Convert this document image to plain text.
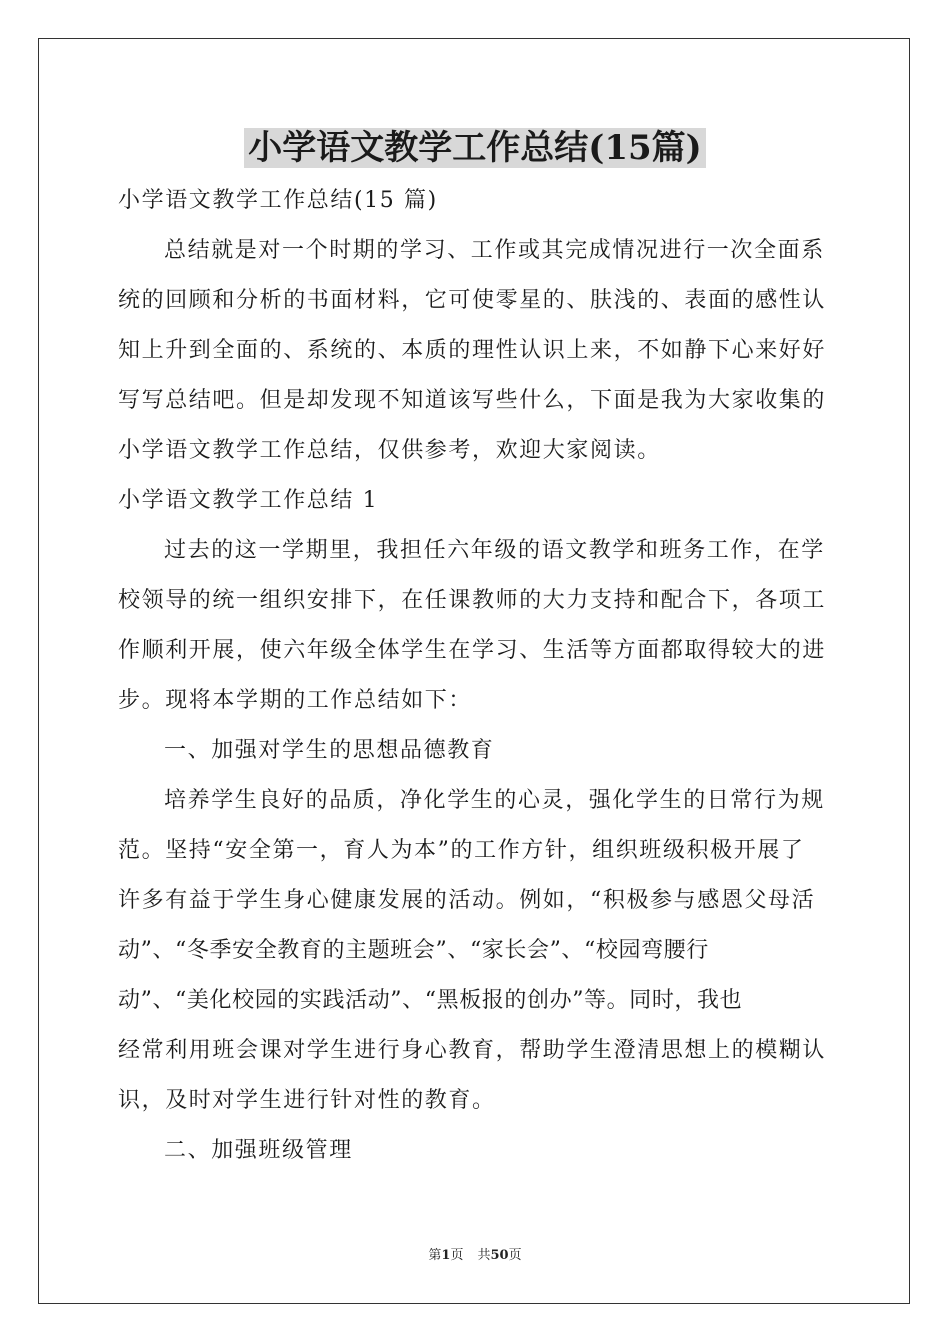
小学语文教学工作总结(15篇)

小学语文教学工作总结(15 篇)

总结就是对一个时期的学习、工作或其完成情况进行一次全面系

统的回顾和分析的书面材料，它可使零星的、肤浅的、表面的感性认

知上升到全面的、系统的、本质的理性认识上来，不如静下心来好好

写写总结吧。但是却发现不知道该写些什么，下面是我为大家收集的

小学语文教学工作总结，仅供参考，欢迎大家阅读。

小学语文教学工作总结 1

过去的这一学期里，我担任六年级的语文教学和班务工作，在学

校领导的统一组织安排下，在任课教师的大力支持和配合下，各项工

作顺利开展，使六年级全体学生在学习、生活等方面都取得较大的进

步。现将本学期的工作总结如下：

一、加强对学生的思想品德教育

培养学生良好的品质，净化学生的心灵，强化学生的日常行为规

范。坚持“安全第一，育人为本”的工作方针，组织班级积极开展了

许多有益于学生身心健康发展的活动。例如，“积极参与感恩父母活

动”、“冬季安全教育的主题班会”、“家长会”、“校园弯腰行

动”、“美化校园的实践活动”、“黑板报的创办”等。同时，我也

经常利用班会课对学生进行身心教育，帮助学生澄清思想上的模糊认

识，及时对学生进行针对性的教育。

二、加强班级管理

第1页 共50页
